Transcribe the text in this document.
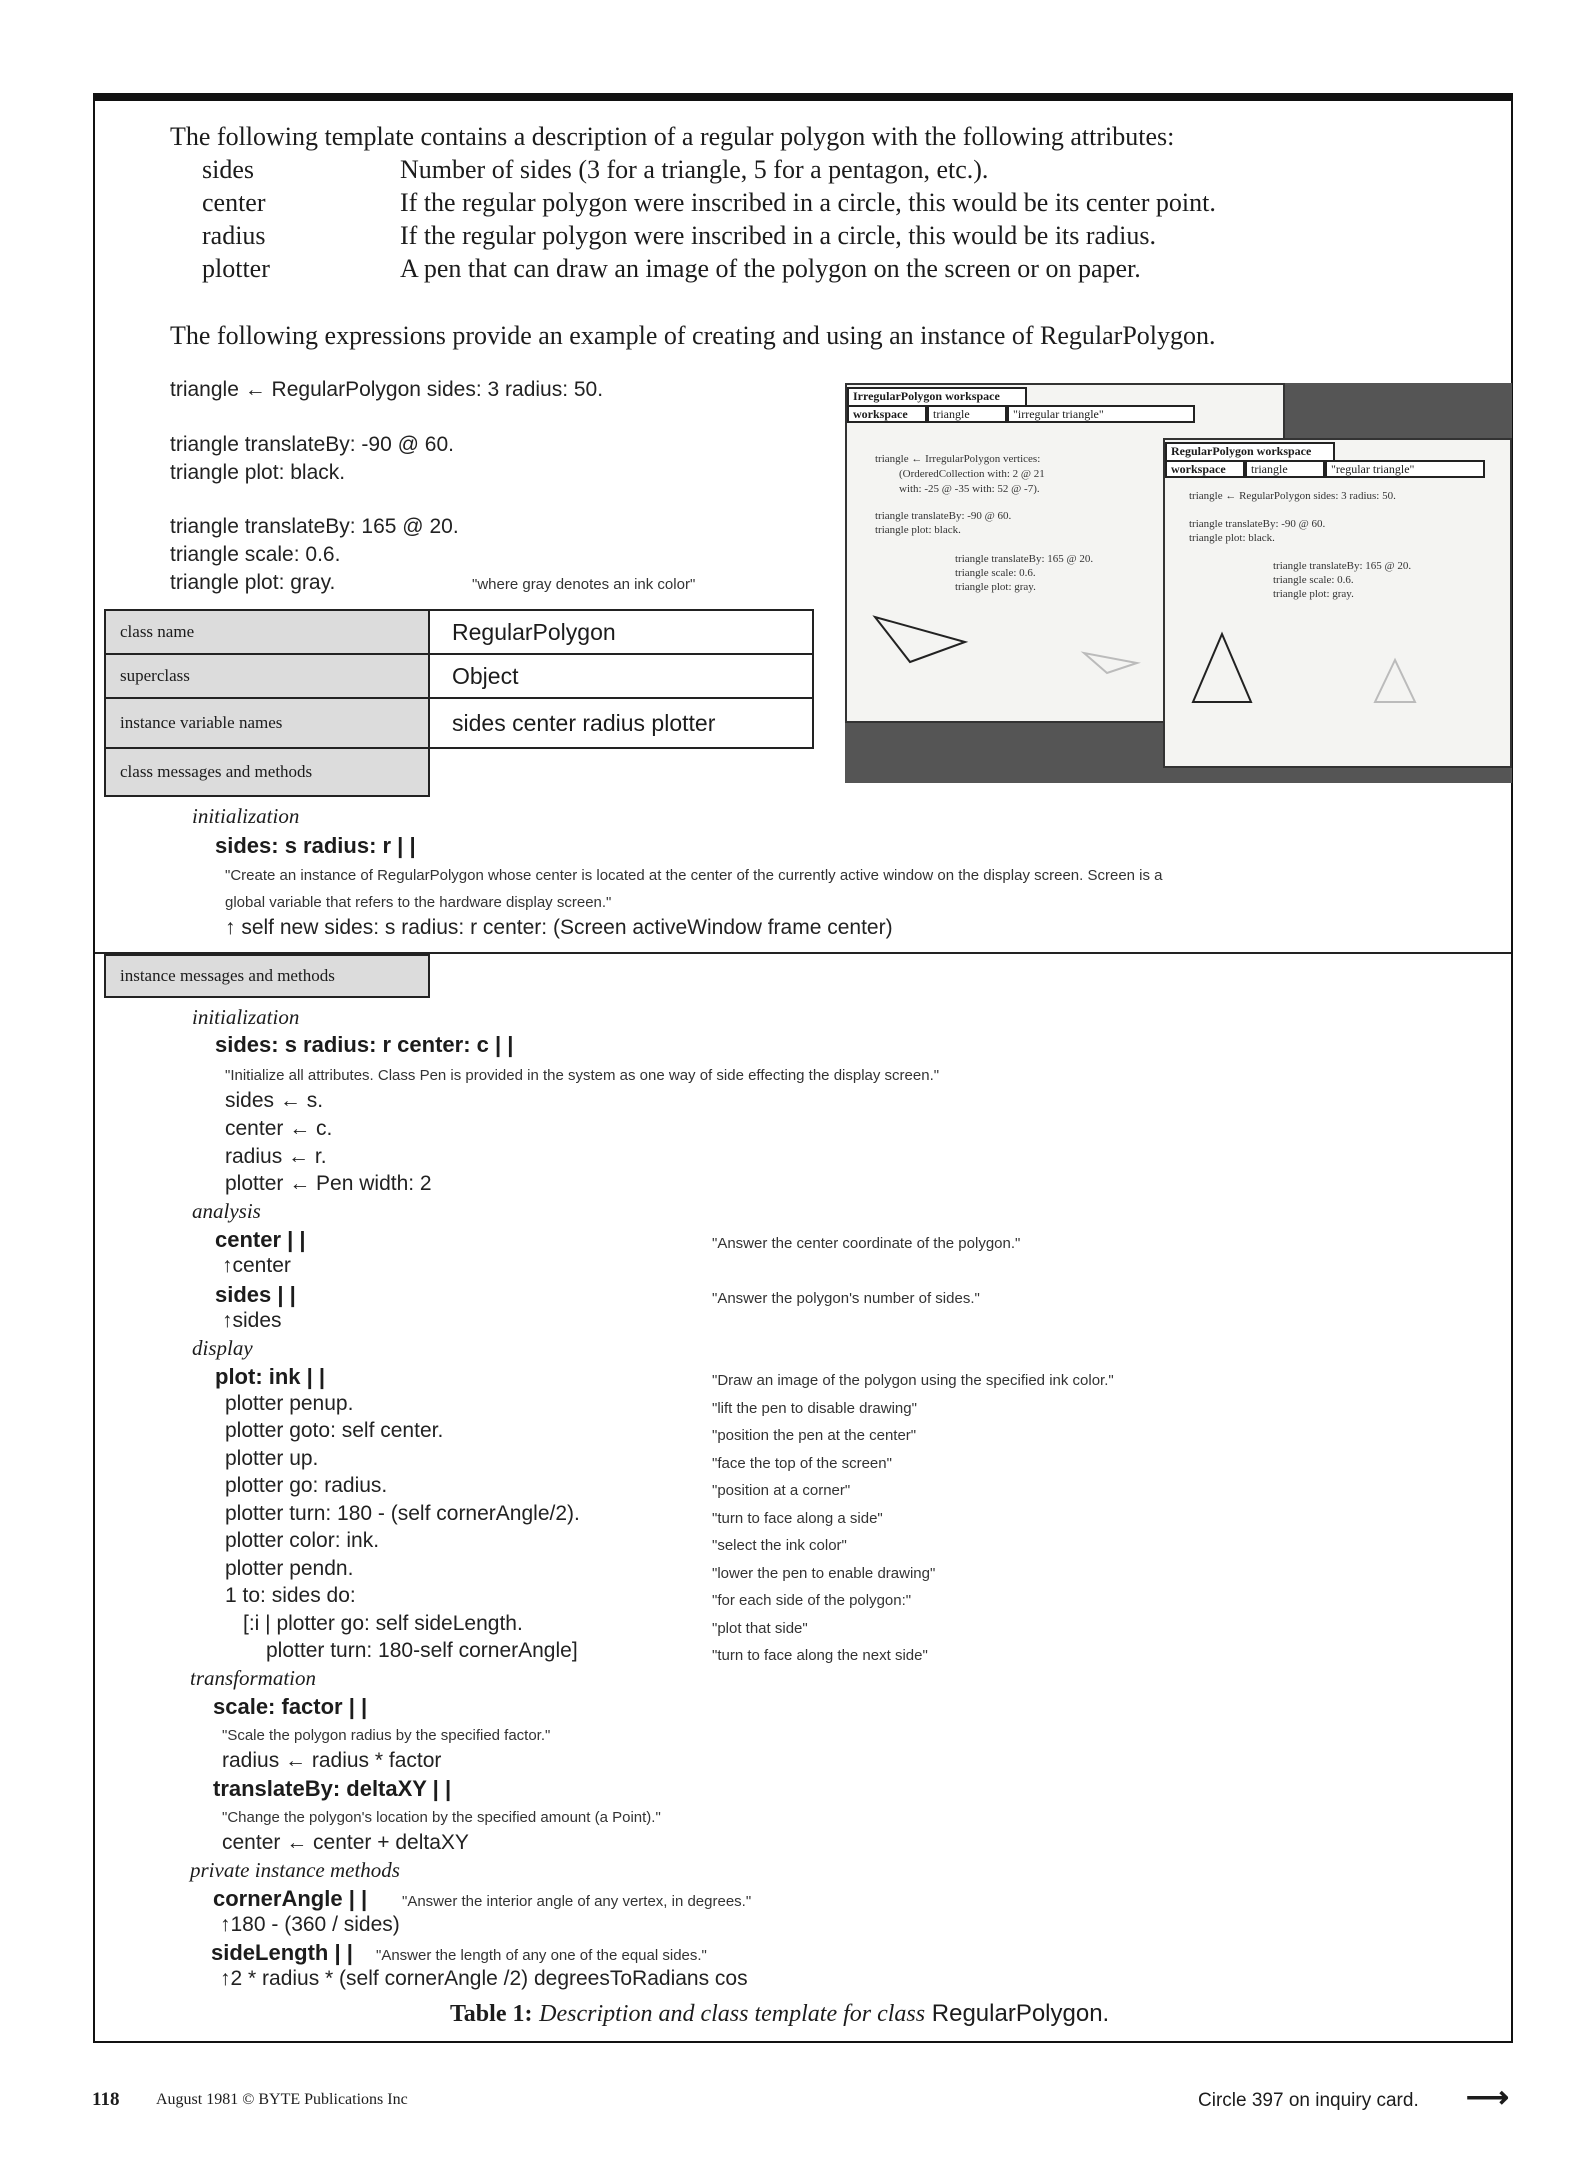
The following template contains a description of a regular polygon with the following attributes:
sides	Number of sides (3 for a triangle, 5 for a pentagon, etc.).
center	If the regular polygon were inscribed in a circle, this would be its center point.
radius	If the regular polygon were inscribed in a circle, this would be its radius.
plotter	A pen that can draw an image of the polygon on the screen or on paper.
The following expressions provide an example of creating and using an instance of RegularPolygon.
triangle ← RegularPolygon sides: 3 radius: 50.
triangle translateBy: -90 @ 60.
triangle plot: black.
triangle translateBy: 165 @ 20.
triangle scale: 0.6.
triangle plot: gray.	"where gray denotes an ink color"
IrregularPolygon workspace
workspace	triangle	"irregular triangle"
triangle ← IrregularPolygon vertices:
(OrderedCollection with: 2 @ 21
with: -25 @ -35 with: 52 @ -7).
triangle translateBy: -90 @ 60.
triangle plot: black.
triangle translateBy: 165 @ 20.
triangle scale: 0.6.
triangle plot: gray.
RegularPolygon workspace
workspace	triangle	"regular triangle"
triangle ← RegularPolygon sides: 3 radius: 50.
triangle translateBy: -90 @ 60.
triangle plot: black.
triangle translateBy: 165 @ 20.
triangle scale: 0.6.
triangle plot: gray.
class name	RegularPolygon
superclass	Object
instance variable names	sides center radius plotter
class messages and methods
initialization
sides: s radius: r | |
"Create an instance of RegularPolygon whose center is located at the center of the currently active window on the display screen. Screen is a
global variable that refers to the hardware display screen."
↑ self new sides: s radius: r center: (Screen activeWindow frame center)
instance messages and methods
initialization
sides: s radius: r center: c | |
"Initialize all attributes. Class Pen is provided in the system as one way of side effecting the display screen."
sides ← s.
center ← c.
radius ← r.
plotter ← Pen width: 2
analysis
center | |	"Answer the center coordinate of the polygon."
↑center
sides | |	"Answer the polygon's number of sides."
↑sides
display
plot: ink | |	"Draw an image of the polygon using the specified ink color."
plotter penup.	"lift the pen to disable drawing"
plotter goto: self center.	"position the pen at the center"
plotter up.	"face the top of the screen"
plotter go: radius.	"position at a corner"
plotter turn: 180 - (self cornerAngle/2).	"turn to face along a side"
plotter color: ink.	"select the ink color"
plotter pendn.	"lower the pen to enable drawing"
1 to: sides do:	"for each side of the polygon:"
[:i | plotter go: self sideLength.	"plot that side"
plotter turn: 180-self cornerAngle]	"turn to face along the next side"
transformation
scale: factor | |
"Scale the polygon radius by the specified factor."
radius ← radius * factor
translateBy: deltaXY | |
"Change the polygon's location by the specified amount (a Point)."
center ← center + deltaXY
private instance methods
cornerAngle | | "Answer the interior angle of any vertex, in degrees."
↑180 - (360 / sides)
sideLength | | "Answer the length of any one of the equal sides."
↑2 * radius * (self cornerAngle /2) degreesToRadians cos
Table 1: Description and class template for class RegularPolygon.
118 August 1981 © BYTE Publications Inc	Circle 397 on inquiry card. ⟶
